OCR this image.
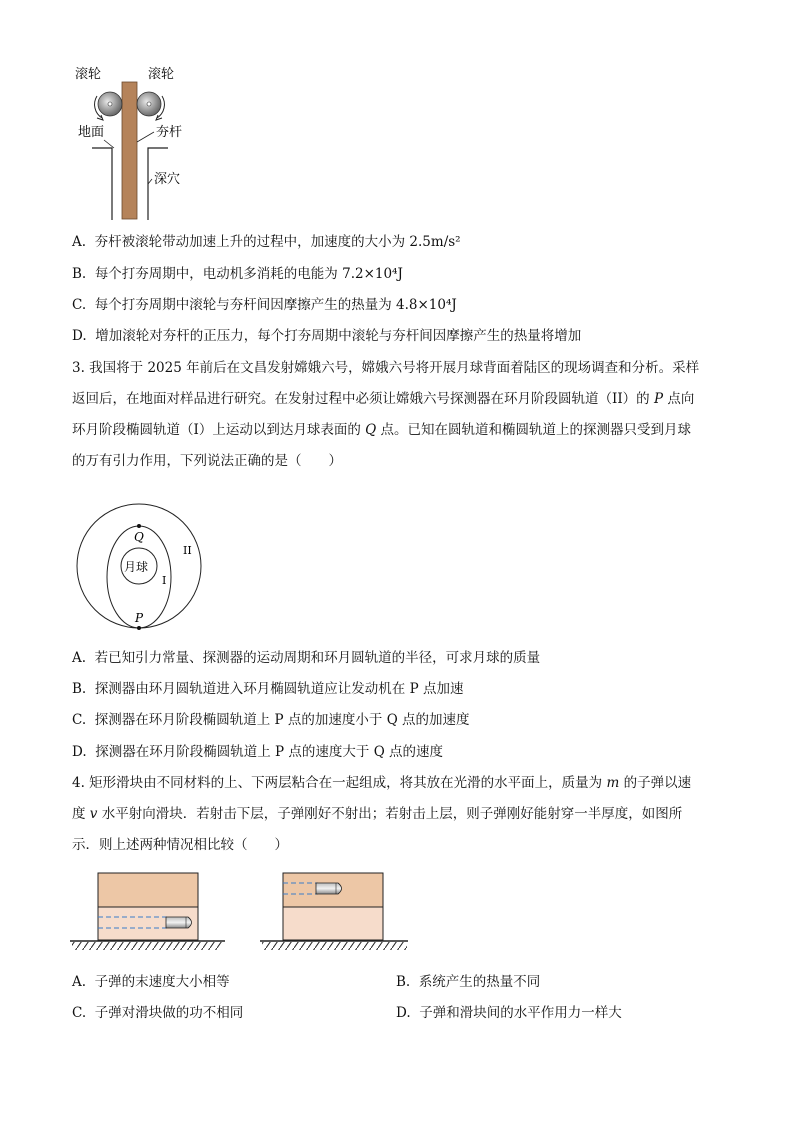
滚轮	滚轮
地面	夯杆
深穴
A. 夯杆被滚轮带动加速上升的过程中，加速度的大小为 2.5m/s²
B. 每个打夯周期中，电动机多消耗的电能为 7.2×10⁴J
C. 每个打夯周期中滚轮与夯杆间因摩擦产生的热量为 4.8×10⁴J
D. 增加滚轮对夯杆的正压力，每个打夯周期中滚轮与夯杆间因摩擦产生的热量将增加
3. 我国将于 2025 年前后在文昌发射嫦娥六号，嫦娥六号将开展月球背面着陆区的现场调查和分析。采样
返回后，在地面对样品进行研究。在发射过程中必须让嫦娥六号探测器在环月阶段圆轨道（II）的 P 点向
环月阶段椭圆轨道（I）上运动以到达月球表面的 Q 点。已知在圆轨道和椭圆轨道上的探测器只受到月球
的万有引力作用，下列说法正确的是（　　）
月球
Q
P
I
II
A. 若已知引力常量、探测器的运动周期和环月圆轨道的半径，可求月球的质量
B. 探测器由环月圆轨道进入环月椭圆轨道应让发动机在 P 点加速
C. 探测器在环月阶段椭圆轨道上 P 点的加速度小于 Q 点的加速度
D. 探测器在环月阶段椭圆轨道上 P 点的速度大于 Q 点的速度
4. 矩形滑块由不同材料的上、下两层粘合在一起组成，将其放在光滑的水平面上，质量为 m 的子弹以速
度 v 水平射向滑块．若射击下层，子弹刚好不射出；若射击上层，则子弹刚好能射穿一半厚度，如图所
示．则上述两种情况相比较（　　）
A. 子弹的末速度大小相等	B. 系统产生的热量不同
C. 子弹对滑块做的功不相同	D. 子弹和滑块间的水平作用力一样大
